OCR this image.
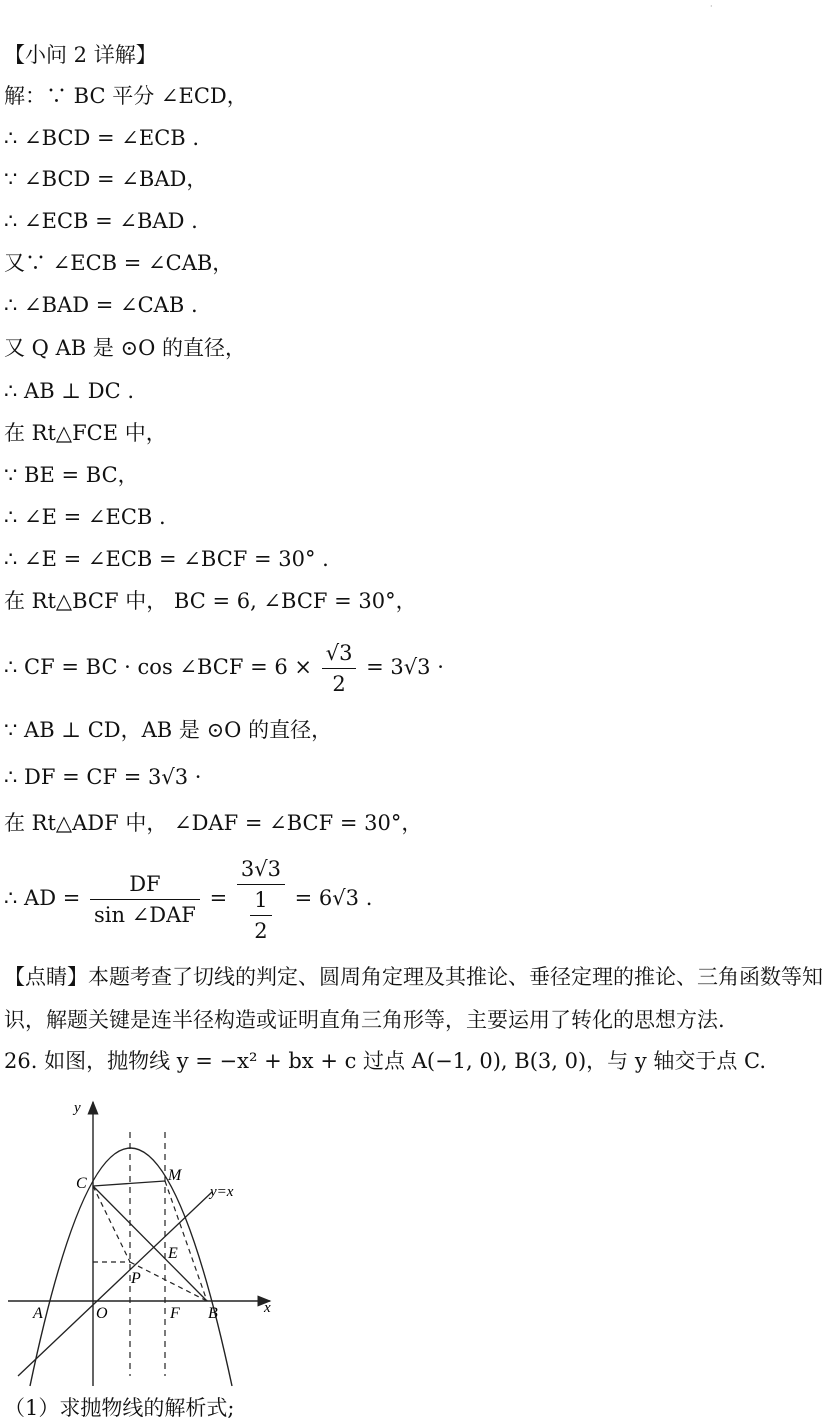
·
【小问 2 详解】
解：∵ BC 平分 ∠ECD，
∴ ∠BCD = ∠ECB .
∵ ∠BCD = ∠BAD，
∴ ∠ECB = ∠BAD .
又∵ ∠ECB = ∠CAB，
∴ ∠BAD = ∠CAB .
又 Q AB 是 ⊙O 的直径，
∴ AB ⊥ DC .
在 Rt△FCE 中，
∵ BE = BC，
∴ ∠E = ∠ECB .
∴ ∠E = ∠ECB = ∠BCF = 30° .
在 Rt△BCF 中， BC = 6, ∠BCF = 30°，
∴ CF = BC · cos ∠BCF = $6 \times \frac{√3}{2} = 3√3$ ·
∵ AB ⊥ CD，AB 是 ⊙O 的直径，
∴ DF = CF = 3√3 ·
在 Rt△ADF 中， ∠DAF = ∠BCF = 30°，
∴ AD = $\frac{DF}{\text{sin ∠DAF}} = \frac{3√3}{\frac{1}{2}} = 6√3$ .
【点睛】本题考查了切线的判定、圆周角定理及其推论、垂径定理的推论、三角函数等知识，解题关键是连半径构造或证明直角三角形等，主要运用了转化的思想方法.
26. 如图，抛物线 y = −x² + bx + c 过点 A(−1, 0), B(3, 0)，与 y 轴交于点 C.
y
x
y=x
A	O	F B
C	M
E
P
（1）求抛物线的解析式;
